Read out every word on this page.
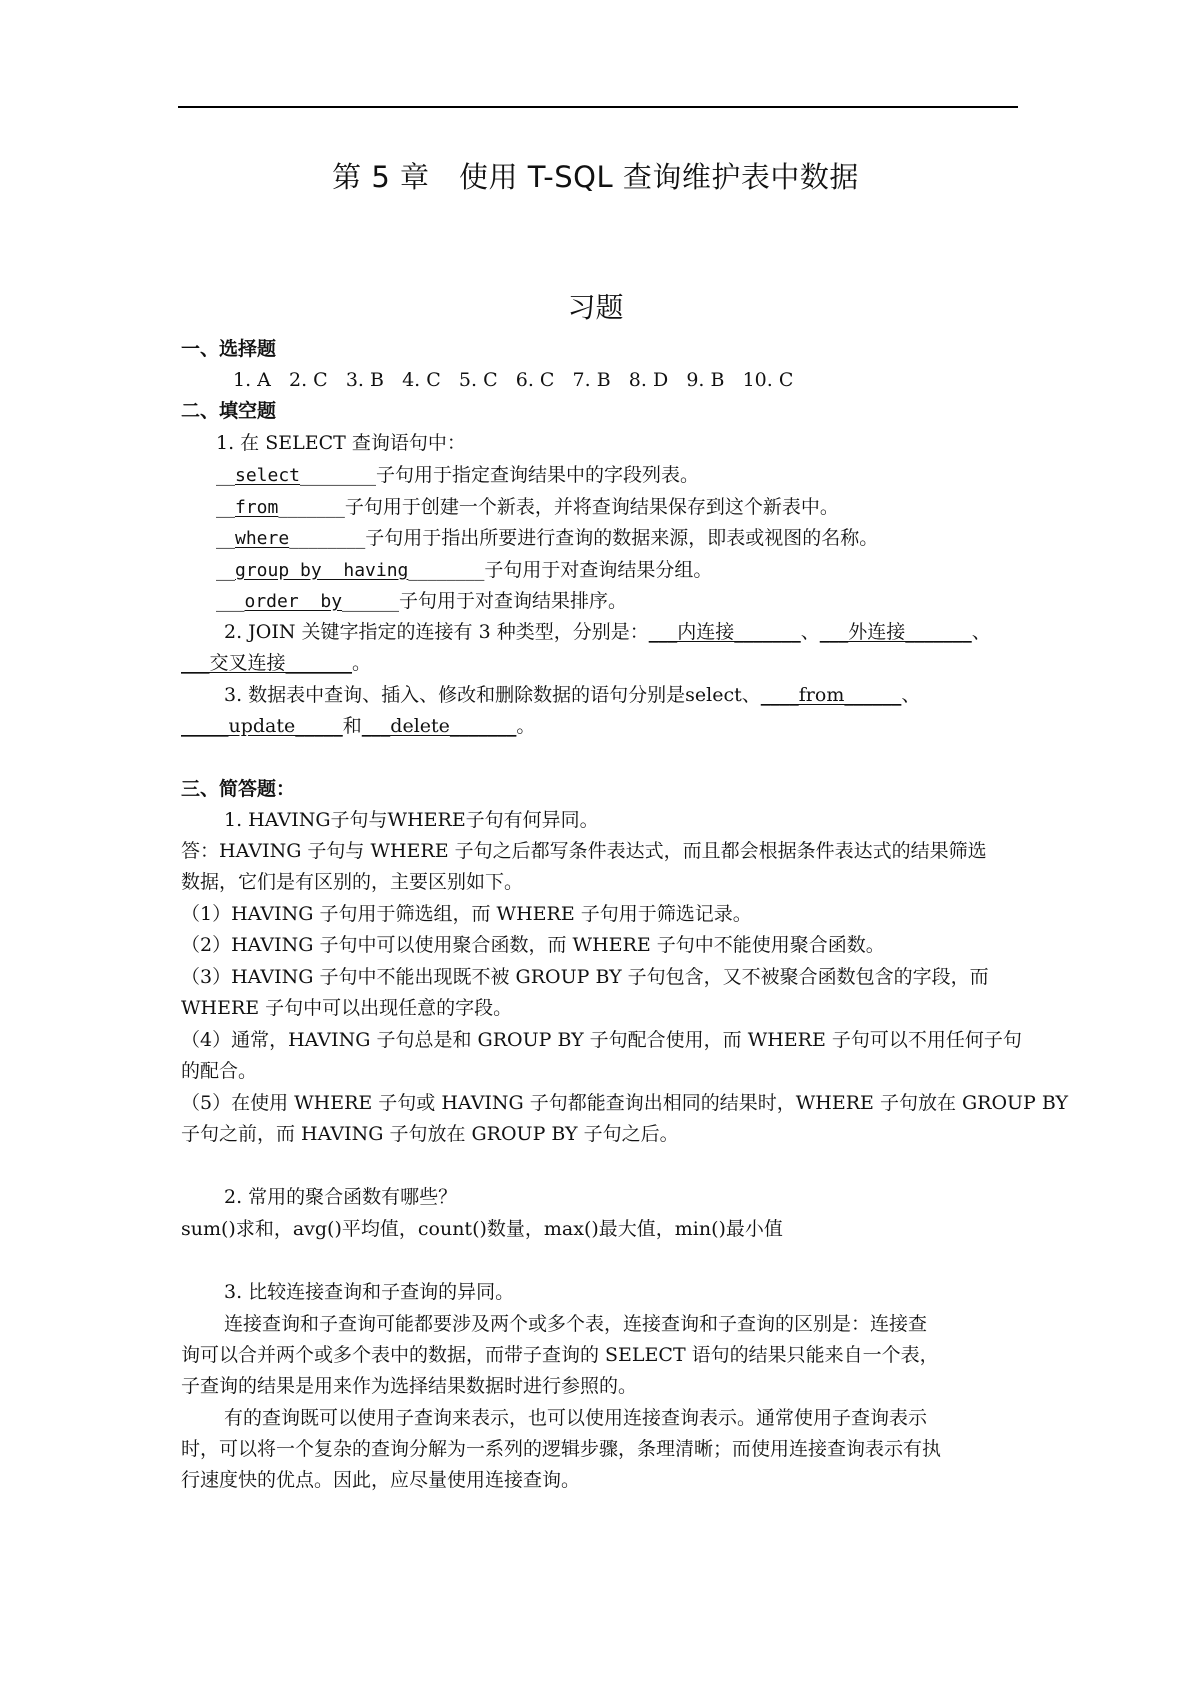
第 5 章　使用 T-SQL 查询维护表中数据
习题
一、选择题
1. A   2. C   3. B   4. C   5. C   6. C   7. B   8. D   9. B   10. C
二、填空题
1. 在 SELECT 查询语句中：
__select________子句用于指定查询结果中的字段列表。
__from_______子句用于创建一个新表，并将查询结果保存到这个新表中。
__where________子句用于指出所要进行查询的数据来源，即表或视图的名称。
__group by  having________子句用于对查询结果分组。
___order  by______子句用于对查询结果排序。
2. JOIN 关键字指定的连接有 3 种类型，分别是：___内连接_______、___外连接_______、
___交叉连接_______。
3. 数据表中查询、插入、修改和删除数据的语句分别是select、____from______、
_____update_____和___delete_______。
三、简答题：
1. HAVING子句与WHERE子句有何异同。
答：HAVING 子句与 WHERE 子句之后都写条件表达式，而且都会根据条件表达式的结果筛选
数据，它们是有区别的，主要区别如下。
（1）HAVING 子句用于筛选组，而 WHERE 子句用于筛选记录。
（2）HAVING 子句中可以使用聚合函数，而 WHERE 子句中不能使用聚合函数。
（3）HAVING 子句中不能出现既不被 GROUP BY 子句包含，又不被聚合函数包含的字段，而
WHERE 子句中可以出现任意的字段。
（4）通常，HAVING 子句总是和 GROUP BY 子句配合使用，而 WHERE 子句可以不用任何子句
的配合。
（5）在使用 WHERE 子句或 HAVING 子句都能查询出相同的结果时，WHERE 子句放在 GROUP BY
子句之前，而 HAVING 子句放在 GROUP BY 子句之后。
2. 常用的聚合函数有哪些？
sum()求和，avg()平均值，count()数量，max()最大值，min()最小值
3. 比较连接查询和子查询的异同。
连接查询和子查询可能都要涉及两个或多个表，连接查询和子查询的区别是：连接查
询可以合并两个或多个表中的数据，而带子查询的 SELECT 语句的结果只能来自一个表，
子查询的结果是用来作为选择结果数据时进行参照的。
有的查询既可以使用子查询来表示，也可以使用连接查询表示。通常使用子查询表示
时，可以将一个复杂的查询分解为一系列的逻辑步骤，条理清晰；而使用连接查询表示有执
行速度快的优点。因此，应尽量使用连接查询。
